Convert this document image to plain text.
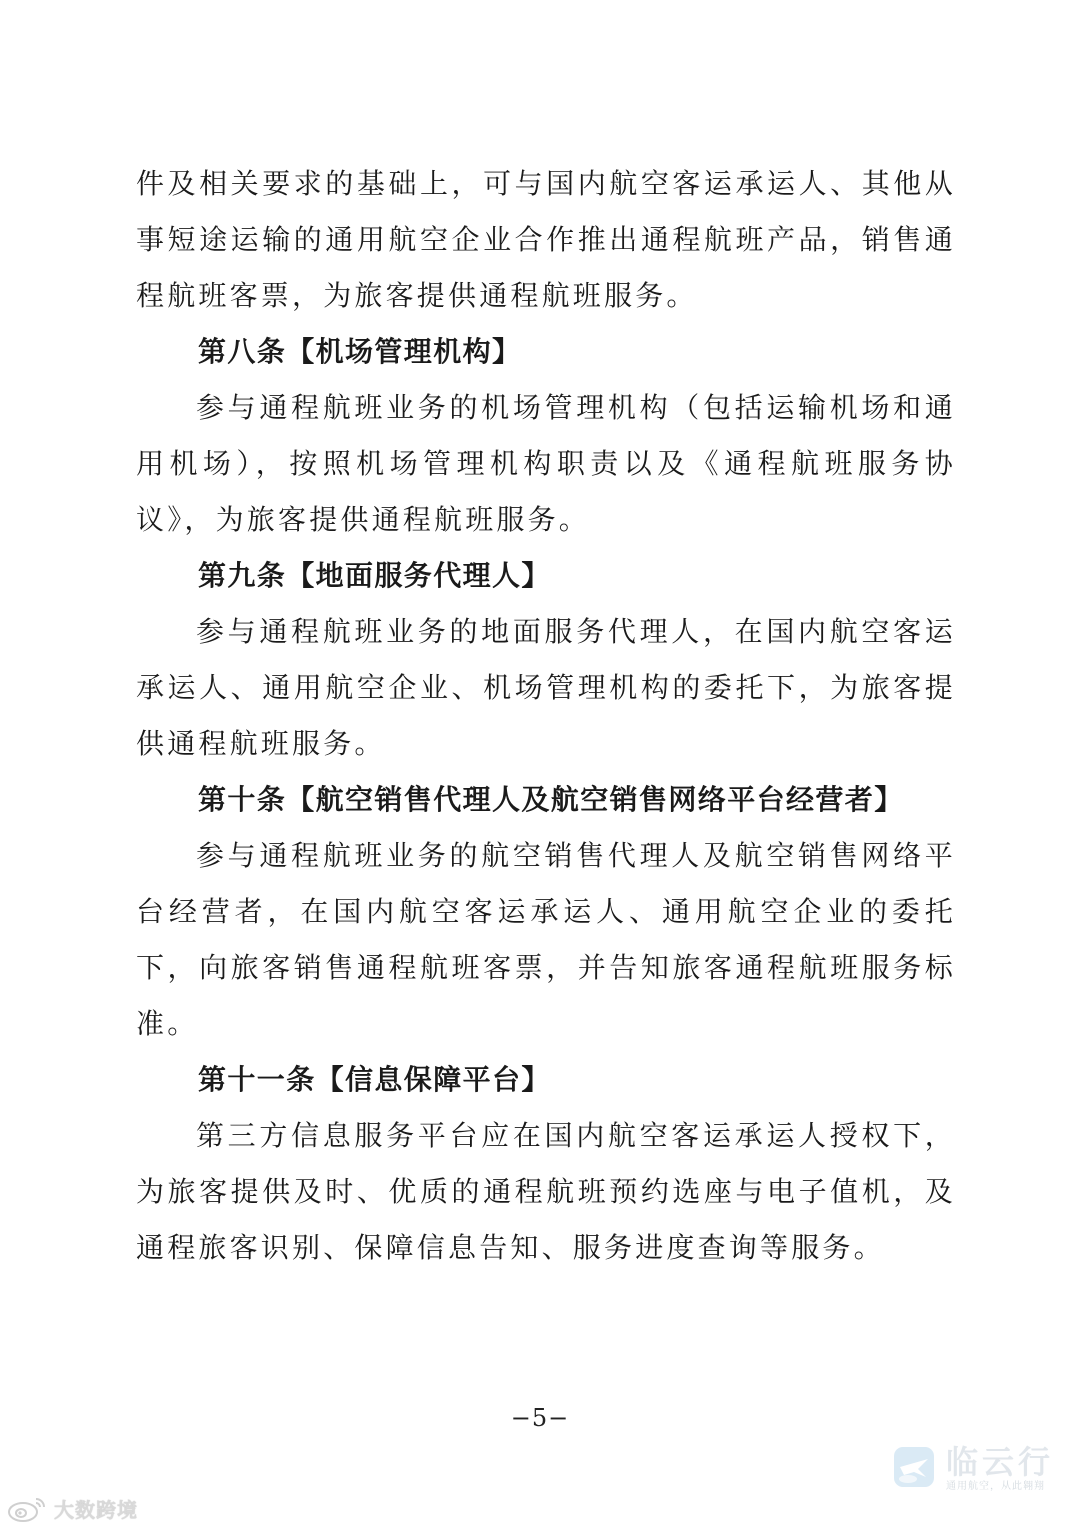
件及相关要求的基础上，可与国内航空客运承运人、其他从事短途运输的通用航空企业合作推出通程航班产品，销售通程航班客票，为旅客提供通程航班服务。

第八条【机场管理机构】

参与通程航班业务的机场管理机构（包括运输机场和通用机场），按照机场管理机构职责以及《通程航班服务协议》，为旅客提供通程航班服务。

第九条【地面服务代理人】

参与通程航班业务的地面服务代理人，在国内航空客运承运人、通用航空企业、机场管理机构的委托下，为旅客提供通程航班服务。

第十条【航空销售代理人及航空销售网络平台经营者】

参与通程航班业务的航空销售代理人及航空销售网络平台经营者，在国内航空客运承运人、通用航空企业的委托下，向旅客销售通程航班客票，并告知旅客通程航班服务标准。

第十一条【信息保障平台】

第三方信息服务平台应在国内航空客运承运人授权下，为旅客提供及时、优质的通程航班预约选座与电子值机，及通程旅客识别、保障信息告知、服务进度查询等服务。

−5−
临云行
通用航空，从此翱翔
大数跨境
